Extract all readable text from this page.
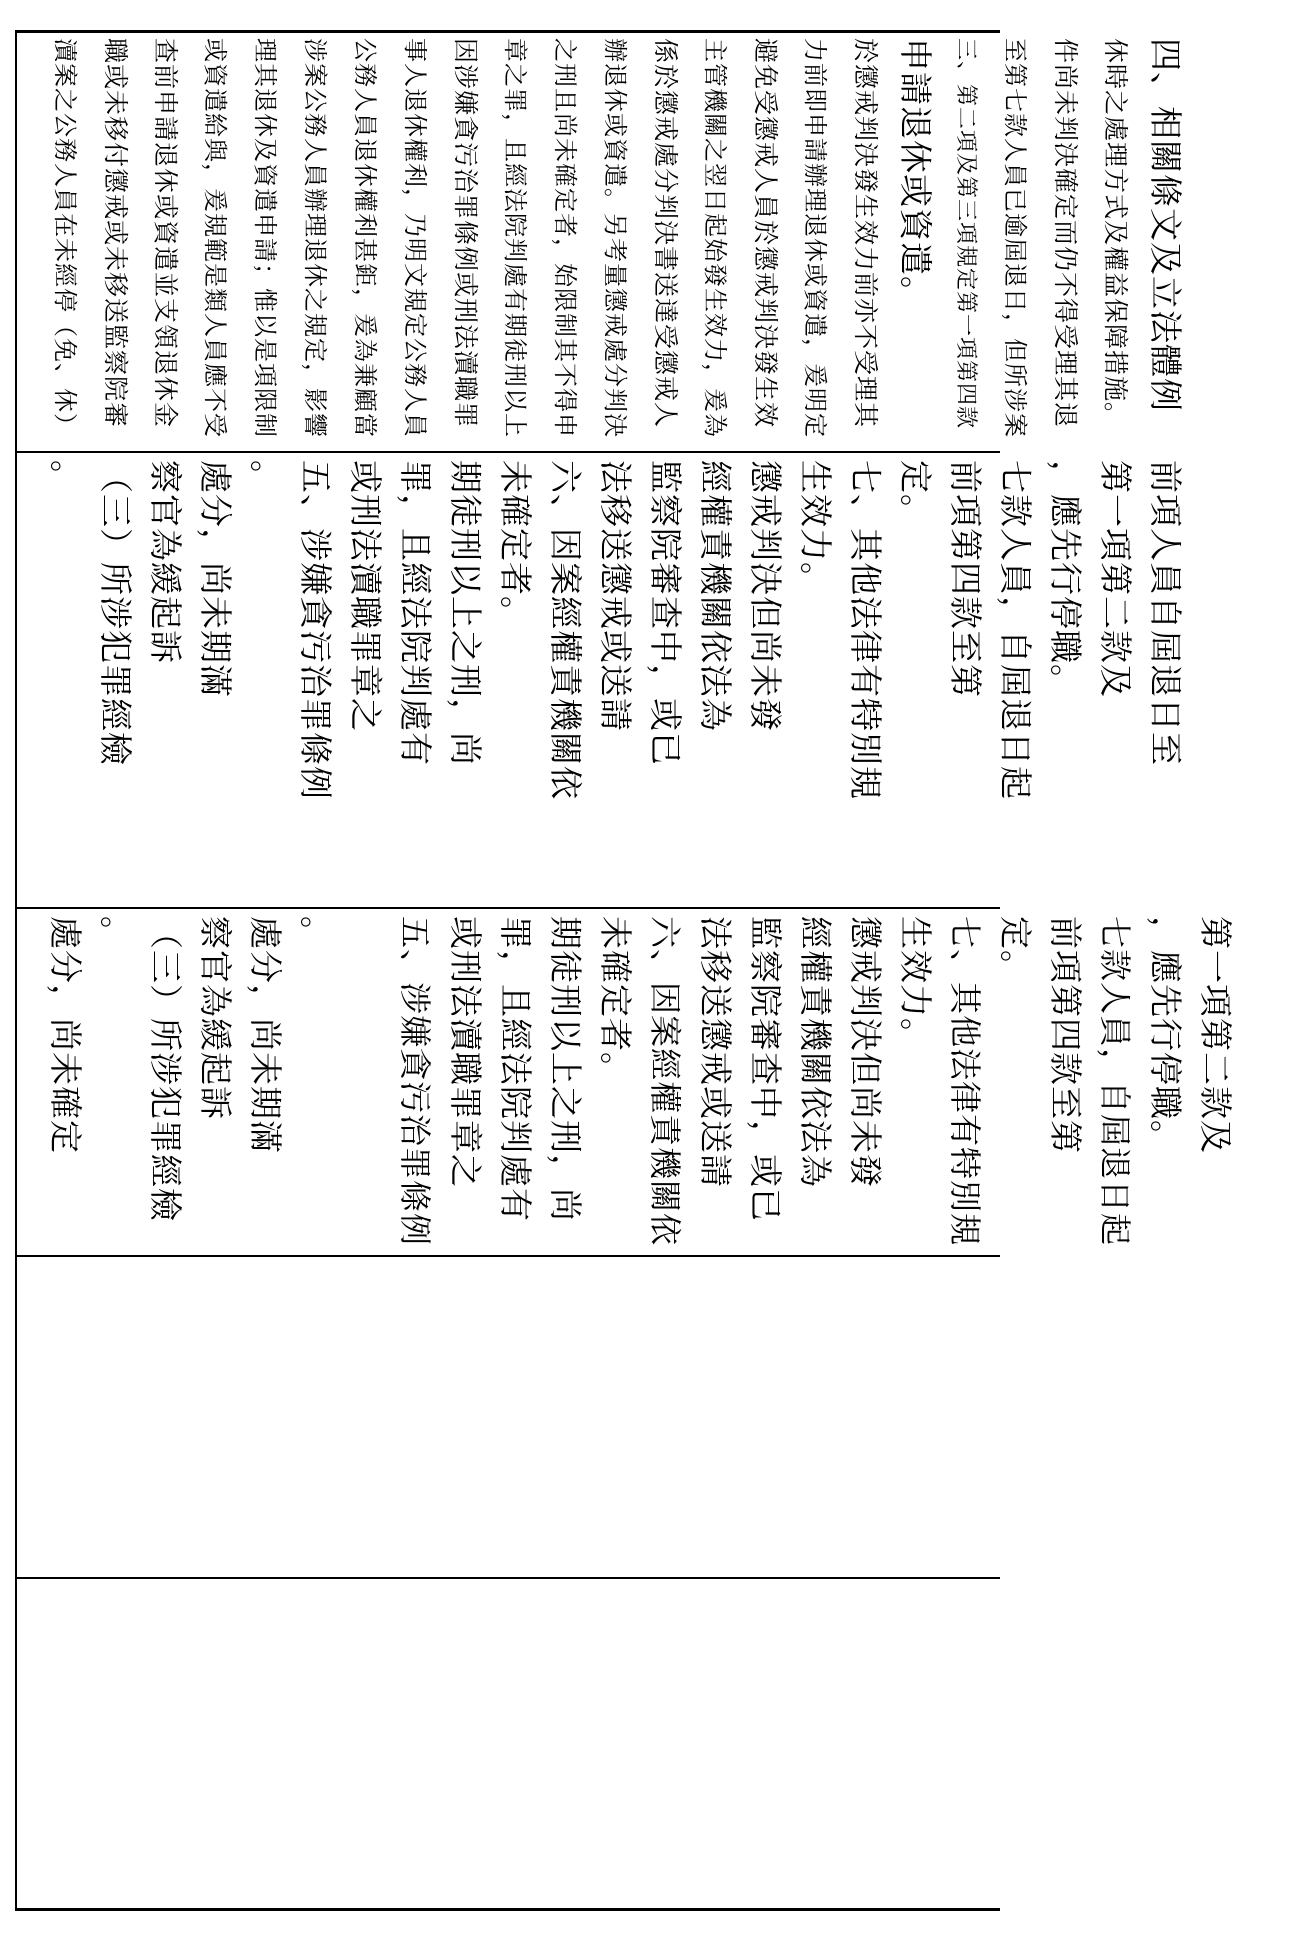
瀆案之公務人員在未經停（免、休） 職或未移付懲戒或未移送監察院審 查前申請退休或資遣並支領退休金 或資遣給與，爰規範是類人員應不受 理其退休及資遣申請；惟以是項限制 涉案公務人員辦理退休之規定，影響 公務人員退休權利甚鉅，爰為兼顧當 事人退休權利，乃明文規定公務人員 因涉嫌貪污治罪條例或刑法瀆職罪 章之罪，且經法院判處有期徒刑以上 之刑且尚未確定者，始限制其不得申 辦退休或資遣。另考量懲戒處分判決 係於懲戒處分判決書送達受懲戒人 主管機關之翌日起始發生效力，爰為 避免受懲戒人員於懲戒判決發生效 力前即申請辦理退休或資遣，爰明定 於懲戒判決發生效力前亦不受理其 申請退休或資遣。 三、第二項及第三項規定第一項第四款 至第七款人員已逾屆退日，但所涉案 件尚未判決確定而仍不得受理其退 休時之處理方式及權益保障措施。 四、相關條文及立法體例
。 （三）所涉犯罪經檢 察官為緩起訴 處分，尚未期滿 。 五、涉嫌貪污治罪條例 或刑法瀆職罪章之 罪，且經法院判處有 期徒刑以上之刑，尚 未確定者。 六、因案經權責機關依 法移送懲戒或送請 監察院審查中，或已 經權責機關依法為 懲戒判決但尚未發 生效力。 七、其他法律有特別規 定。 前項第四款至第 七款人員，自屆退日起 ，應先行停職。 第一項第二款及 前項人員自屆退日至
處分，尚未確定 。 （三）所涉犯罪經檢 察官為緩起訴 處分，尚未期滿 。 五、涉嫌貪污治罪條例 或刑法瀆職罪章之 罪，且經法院判處有 期徒刑以上之刑，尚 未確定者。 六、因案經權責機關依 法移送懲戒或送請 監察院審查中，或已 經權責機關依法為 懲戒判決但尚未發 生效力。 七、其他法律有特別規 定。 前項第四款至第 七款人員，自屆退日起 ，應先行停職。 第一項第二款及
